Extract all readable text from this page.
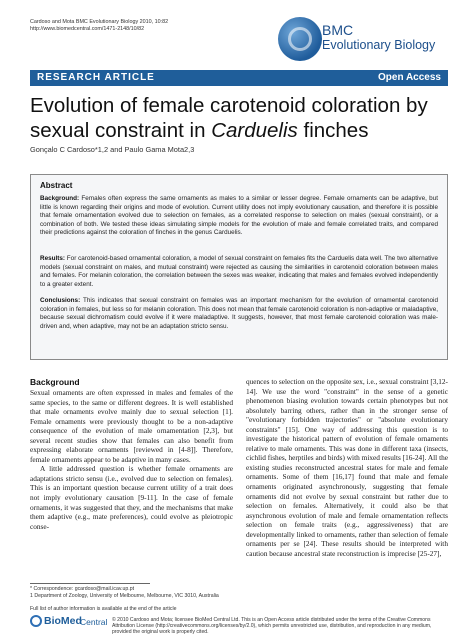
Cardoso and Mota BMC Evolutionary Biology 2010, 10:82
http://www.biomedcentral.com/1471-2148/10/82	BMC
Evolutionary Biology
RESEARCH ARTICLE	Open Access
Evolution of female carotenoid coloration by sexual constraint in Carduelis finches
Gonçalo C Cardoso*1,2 and Paulo Gama Mota2,3
Abstract
Background: Females often express the same ornaments as males to a similar or lesser degree. Female ornaments can be adaptive, but little is known regarding their origins and mode of evolution. Current utility does not imply evolutionary causation, and therefore it is possible that female ornamentation evolved due to selection on females, as a correlated response to selection on males (sexual constraint), or a combination of both. We tested these ideas simulating simple models for the evolution of male and female correlated traits, and compared their predictions against the coloration of finches in the genus Carduelis.
Results: For carotenoid-based ornamental coloration, a model of sexual constraint on females fits the Carduelis data well. The two alternative models (sexual constraint on males, and mutual constraint) were rejected as causing the similarities in carotenoid coloration between males and females. For melanin coloration, the correlation between the sexes was weaker, indicating that males and females evolved independently to a greater extent.
Conclusions: This indicates that sexual constraint on females was an important mechanism for the evolution of ornamental carotenoid coloration in females, but less so for melanin coloration. This does not mean that female carotenoid coloration is non-adaptive or maladaptive, because sexual dichromatism could evolve if it were maladaptive. It suggests, however, that most female carotenoid coloration was male-driven and, when adaptive, may not be an adaptation stricto sensu.
Background
Sexual ornaments are often expressed in males and females of the same species, to the same or different degrees. It is well established that male ornaments evolve mainly due to sexual selection [1]. Female ornaments were previously thought to be a non-adaptive consequence of the evolution of male ornamentation [2,3], but several recent studies show that females can also benefit from expressing elaborate ornaments [reviewed in [4-8]]. Therefore, female ornaments appear to be adaptive in many cases.
A little addressed question is whether female ornaments are adaptations stricto sensu (i.e., evolved due to selection on females). This is an important question because current utility of a trait does not imply evolutionary causation [9-11]. In the case of female ornaments, it was suggested that they, and the mechanisms that make them adaptive (e.g., mate preferences), could evolve as pleiotropic conse-
quences to selection on the opposite sex, i.e., sexual constraint [3,12-14]. We use the word "constraint" in the sense of a genetic phenomenon biasing evolution towards certain phenotypes but not absolutely barring others, rather than in the stronger sense of "evolutionary forbidden trajectories" or "absolute evolutionary constraints" [15]. One way of addressing this question is to investigate the historical pattern of evolution of female ornaments relative to male ornaments. This was done in different taxa (insects, cichlid fishes, herptiles and birds) with mixed results [16-24]. All the existing studies reconstructed ancestral states for male and female ornaments. Some of them [16,17] found that male and female ornaments originated asynchronously, suggesting that female ornaments did not evolve by sexual constraint but rather due to selection on females. Alternatively, it could also be that asynchronous evolution of male and female ornamentation reflects selection on female traits (e.g., aggressiveness) that are developmentally linked to ornaments, rather than selection of female ornaments per se [24]. These results should be interpreted with caution because ancestral state reconstruction is imprecise [25-27],
* Correspondence: gcardoso@mail.icav.up.pt
1 Department of Zoology, University of Melbourne, Melbourne, VIC 3010, Australia
Full list of author information is available at the end of the article
BioMed
Central © 2010 Cardoso and Mota; licensee BioMed Central Ltd. This is an Open Access article distributed under the terms of the Creative Commons Attribution License (http://creativecommons.org/licenses/by/2.0), which permits unrestricted use, distribution, and reproduction in any medium, provided the original work is properly cited.
